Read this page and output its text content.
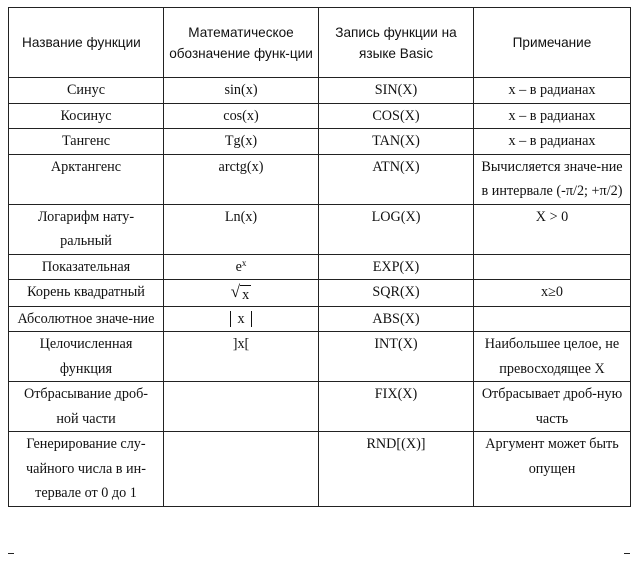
Название функции	Математическое обозначение функ-ции	Запись функции на языке Basic	Примечание
Синус	sin(x)	SIN(X)	x – в радианах
Косинус	cos(x)	COS(X)	x – в радианах
Тангенс	Tg(x)	TAN(X)	x – в радианах
Арктангенс	arctg(x)	ATN(X)	Вычисляется значе-ние в интервале (-π/2; +π/2)
Логарифм нату-ральный	Ln(x)	LOG(X)	X > 0
Показательная	$e^x$	EXP(X)	
Корень квадратный	√ x	SQR(X)	x≥0
Абсолютное значе-ние	x	ABS(X)	
Целочисленная функция	]x[	INT(X)	Наибольшее целое, не превосходящее X
Отбрасывание дроб-ной части		FIX(X)	Отбрасывает дроб-ную часть
Генерирование слу-чайного числа в ин-тервале от 0 до 1		RND[(X)]	Аргумент может быть опущен
